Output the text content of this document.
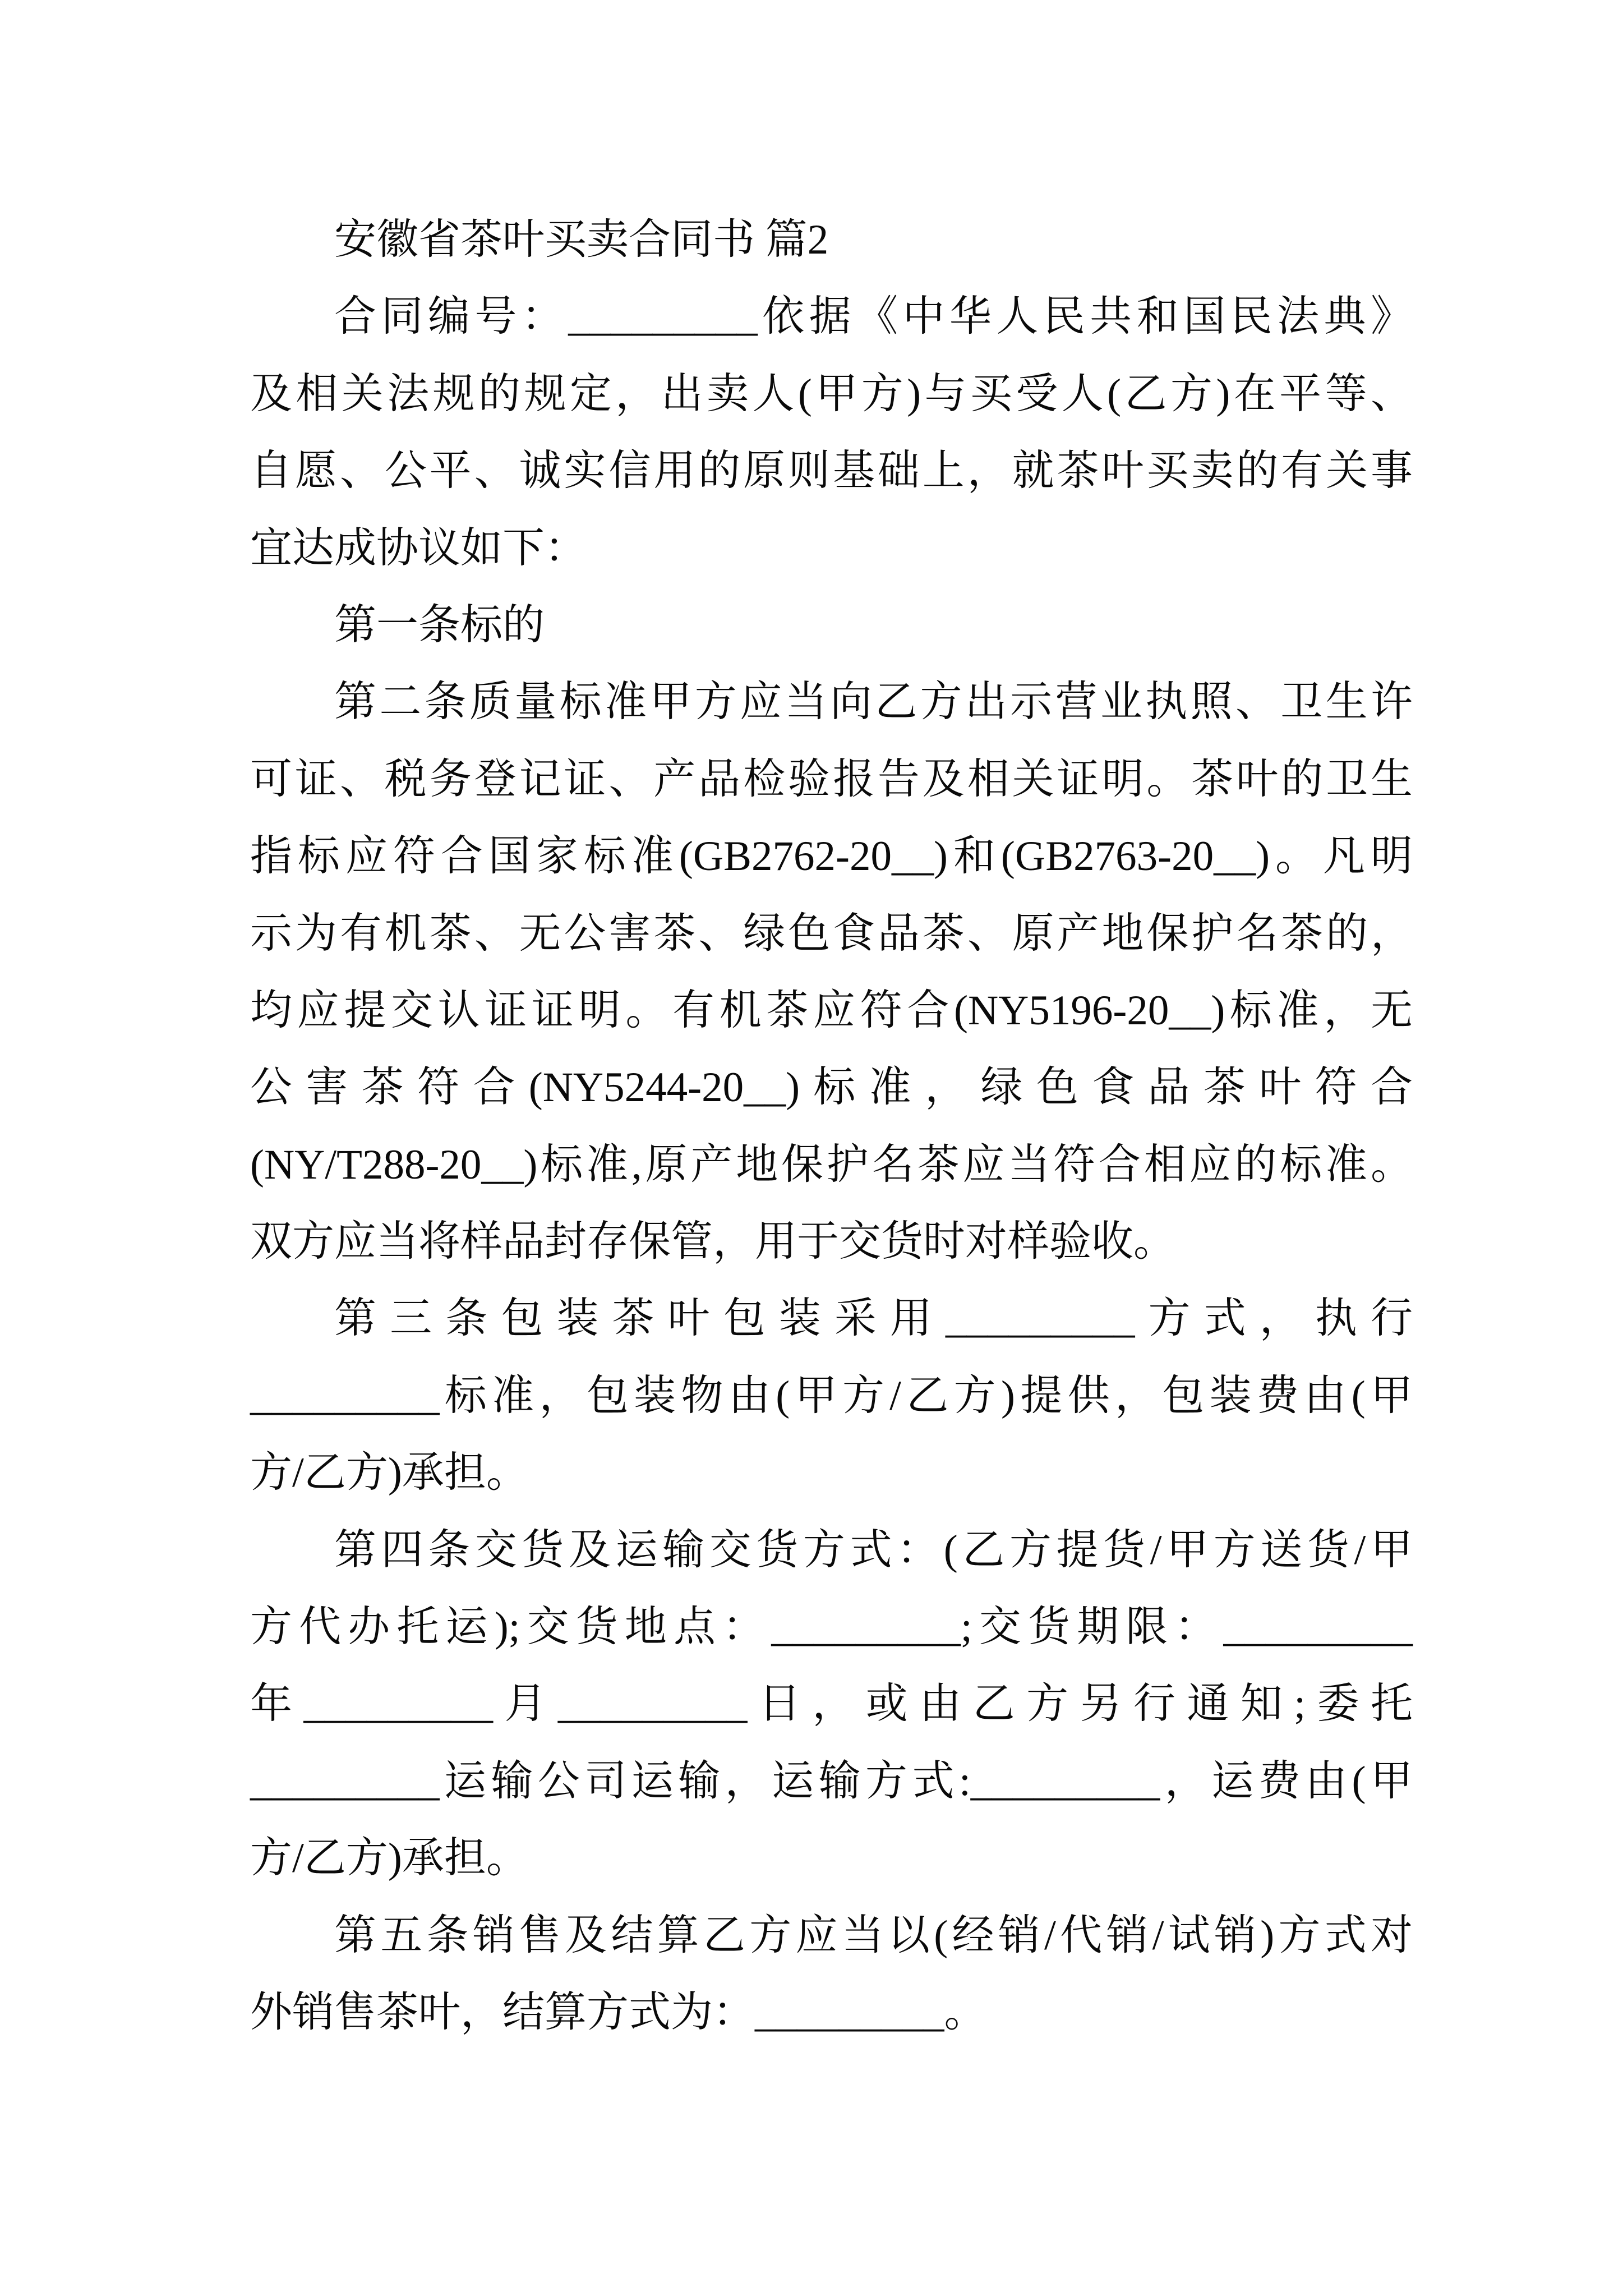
安徽省茶叶买卖合同书 篇2
合同编号：_________依据《中华人民共和国民法典》
及相关法规的规定，出卖人(甲方)与买受人(乙方)在平等、
自愿、公平、诚实信用的原则基础上，就茶叶买卖的有关事
宜达成协议如下：
第一条标的
第二条质量标准甲方应当向乙方出示营业执照、卫生许
可证、税务登记证、产品检验报告及相关证明。茶叶的卫生
指标应符合国家标准(GB2762-20__)和(GB2763-20__)。凡明
示为有机茶、无公害茶、绿色食品茶、原产地保护名茶的，
均应提交认证证明。有机茶应符合(NY5196-20__)标准，无
公害茶符合(NY5244-20__)标准，绿色食品茶叶符合
(NY/T288-20__)标准,原产地保护名茶应当符合相应的标准。
双方应当将样品封存保管，用于交货时对样验收。
第三条包装茶叶包装采用_________方式，执行
_________标准，包装物由(甲方/乙方)提供，包装费由(甲
方/乙方)承担。
第四条交货及运输交货方式：(乙方提货/甲方送货/甲
方代办托运);交货地点：_________;交货期限：_________
年_________月_________日，或由乙方另行通知;委托
_________运输公司运输，运输方式:_________，运费由(甲
方/乙方)承担。
第五条销售及结算乙方应当以(经销/代销/试销)方式对
外销售茶叶，结算方式为：_________。
